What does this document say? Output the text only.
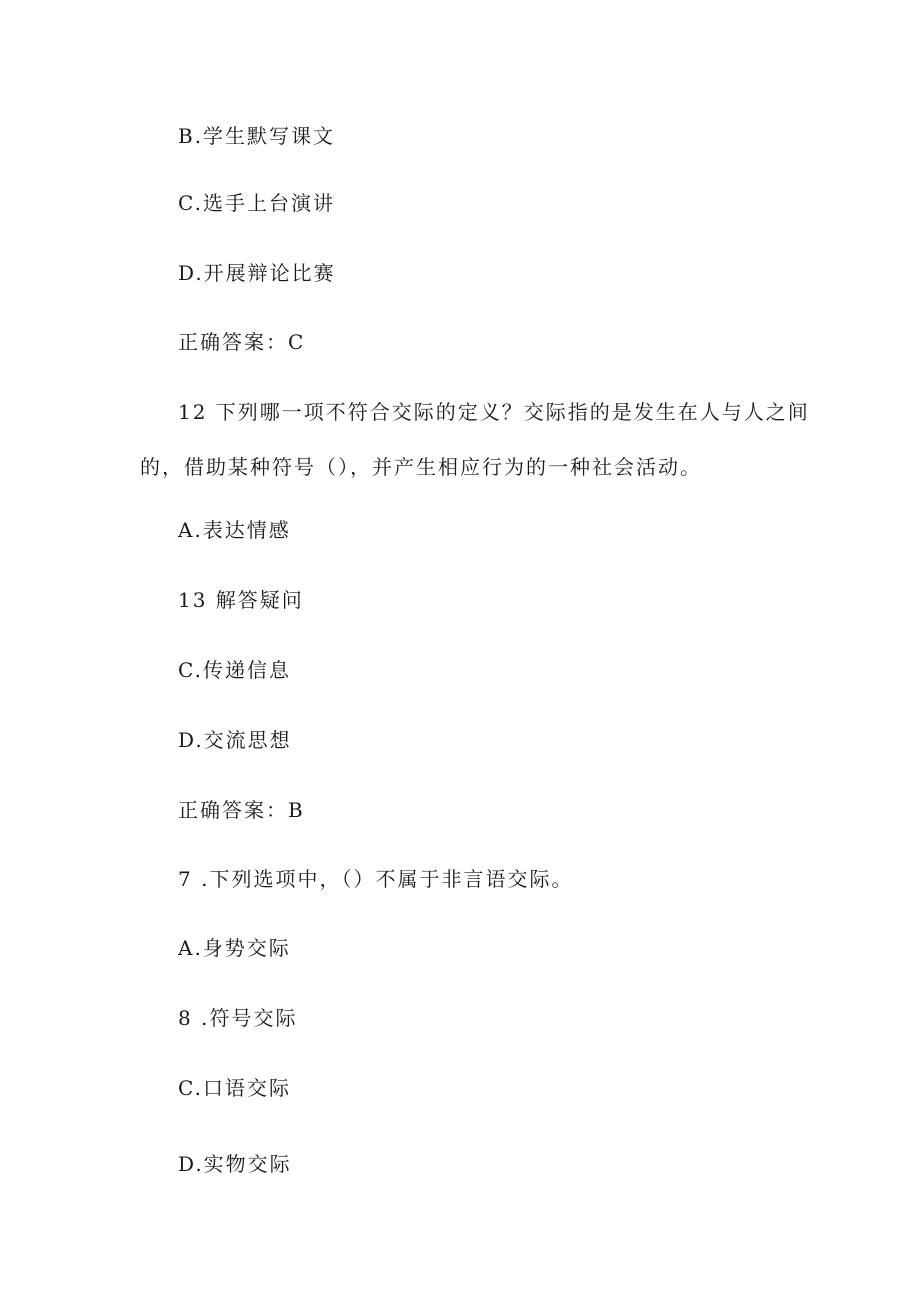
B.学生默写课文
C.选手上台演讲
D.开展辩论比赛
正确答案：C
12 下列哪一项不符合交际的定义？交际指的是发生在人与人之间
的，借助某种符号（），并产生相应行为的一种社会活动。
A.表达情感
13 解答疑问
C.传递信息
D.交流思想
正确答案：B
7 .下列选项中，（）不属于非言语交际。
A.身势交际
8 .符号交际
C.口语交际
D.实物交际
